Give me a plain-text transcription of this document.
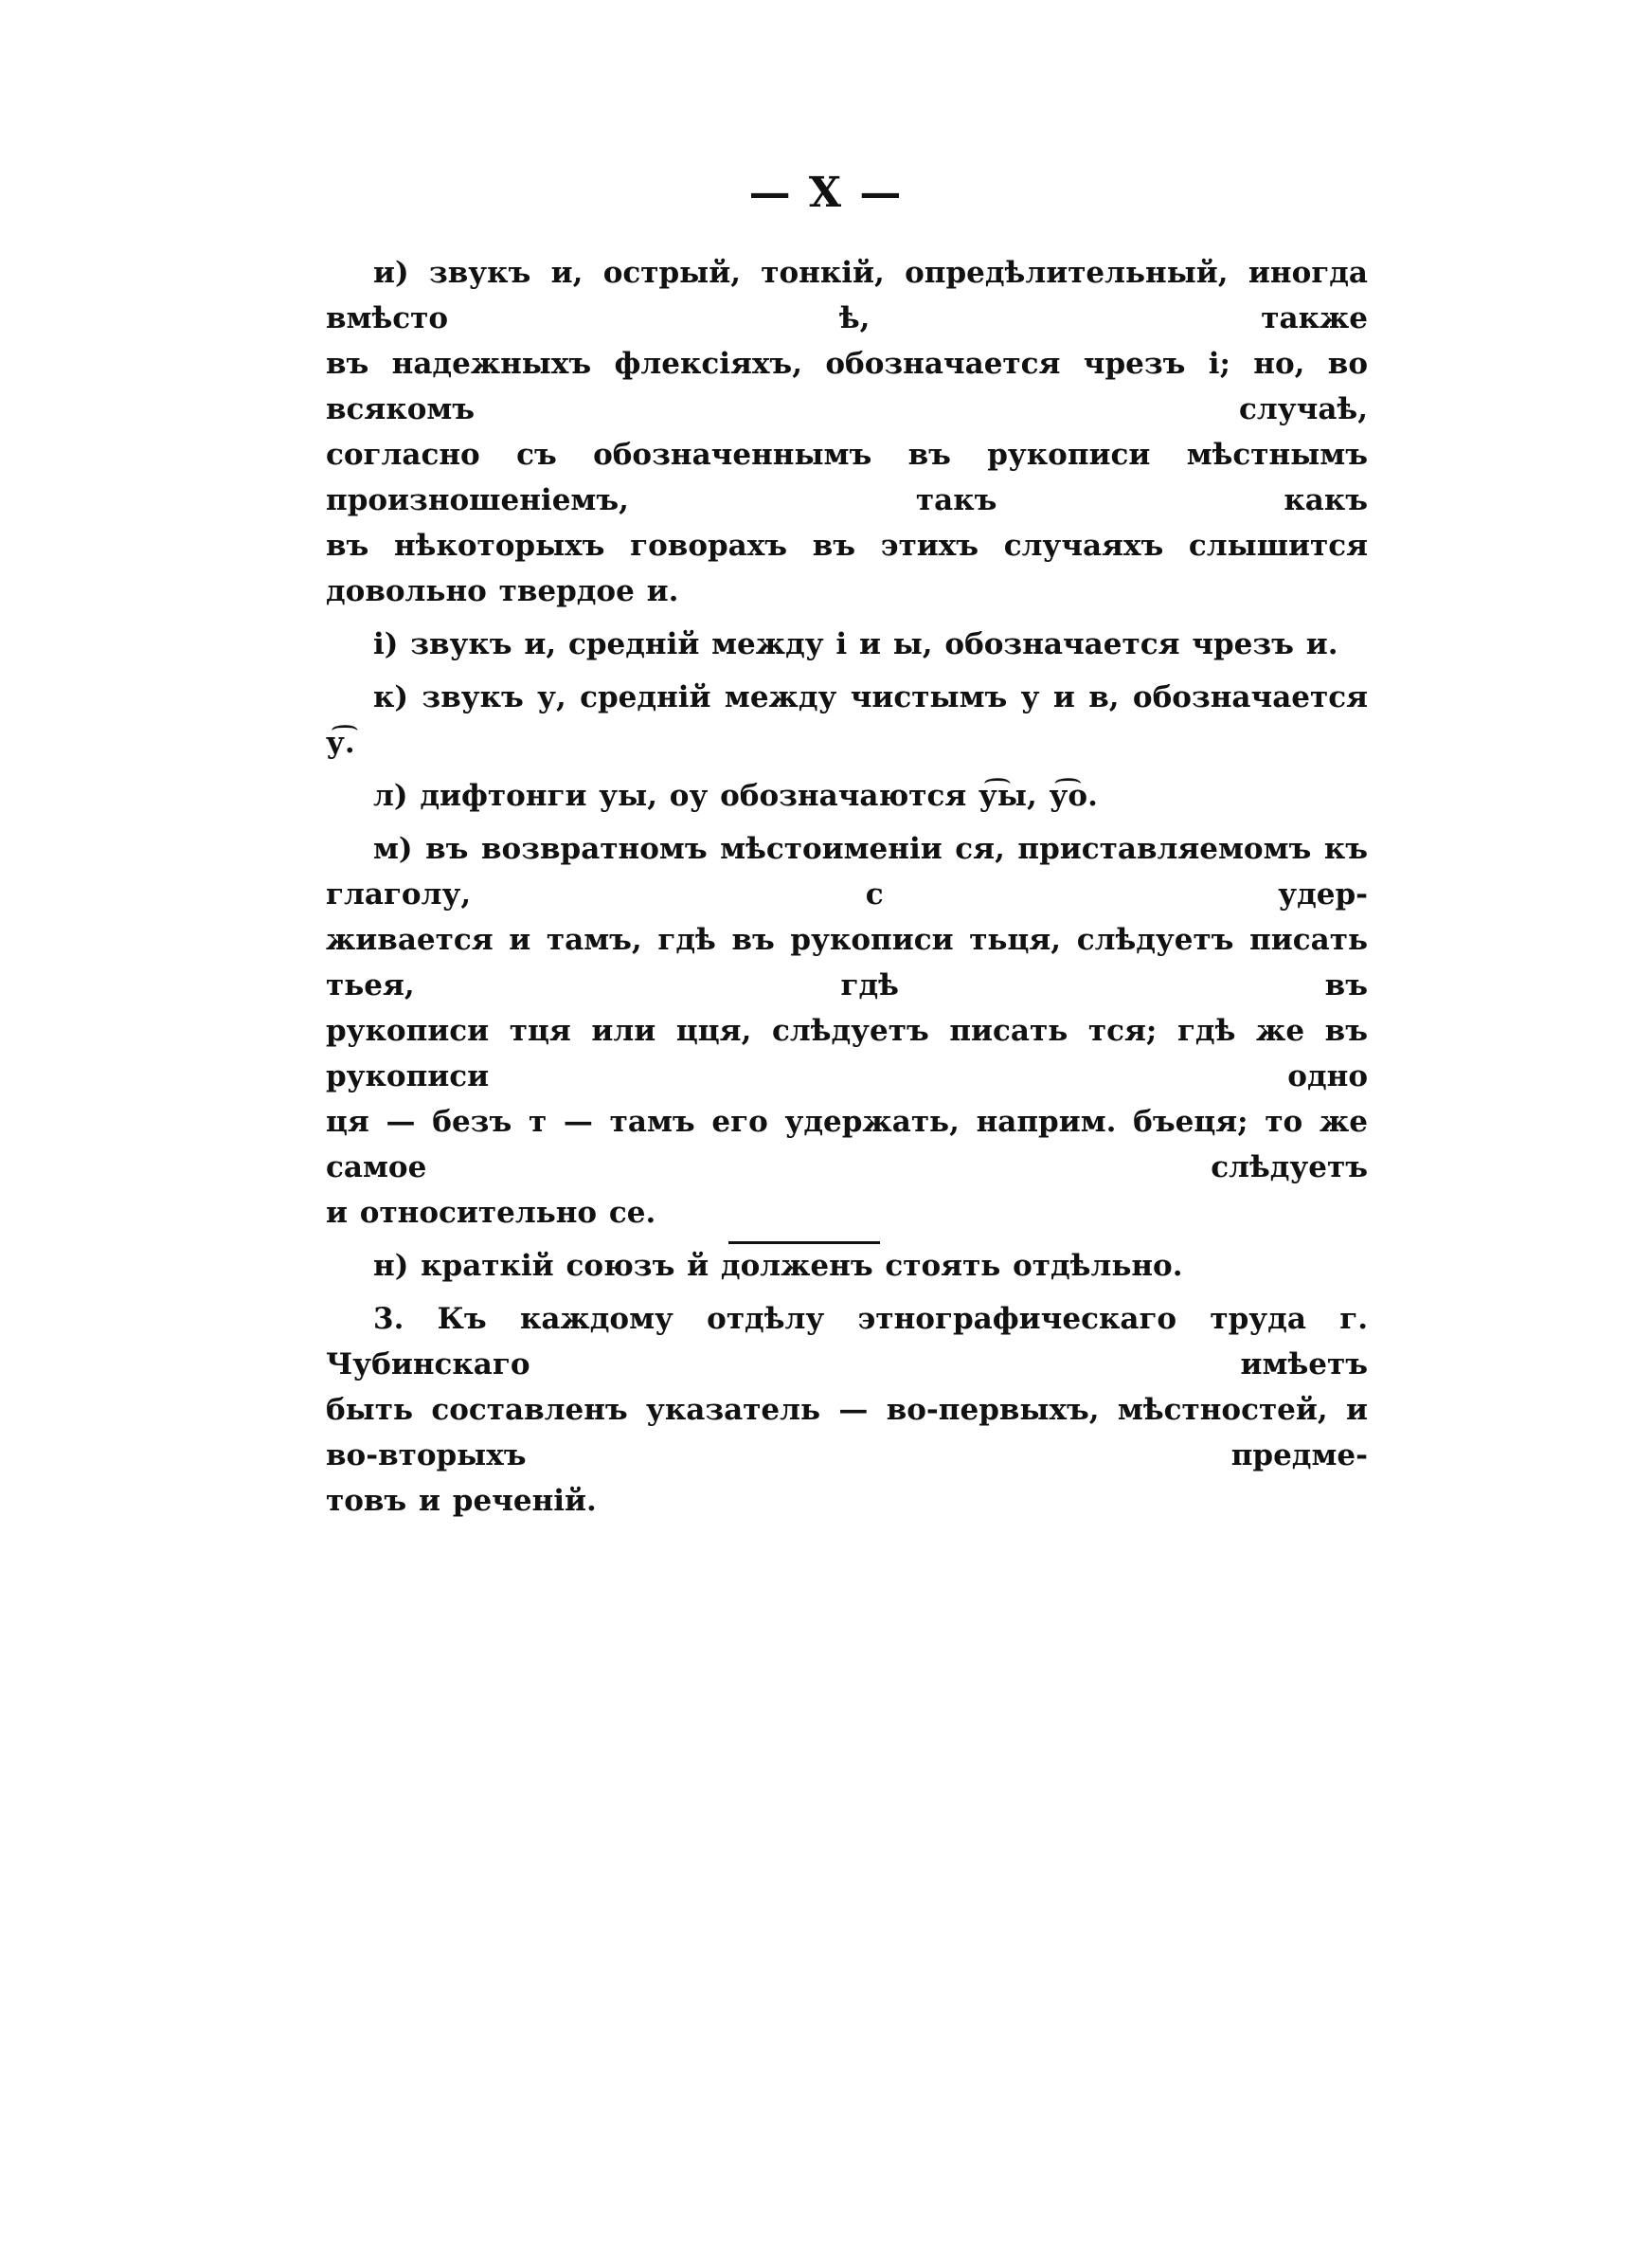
— X —

и) звукъ и, острый, тонкій, опредѣлительный, иногда вмѣсто ѣ, также
въ надежныхъ флексіяхъ, обозначается чрезъ і; но, во всякомъ случаѣ,
согласно съ обозначеннымъ въ рукописи мѣстнымъ произношеніемъ, такъ какъ
въ нѣкоторыхъ говорахъ въ этихъ случаяхъ слышится довольно твердое и.

і) звукъ и, средній между і и ы, обозначается чрезъ и.

к) звукъ у, средній между чистымъ у и в, обозначается у͡.

л) дифтонги уы, оу обозначаются у͡ы, у͡о.

м) въ возвратномъ мѣстоименіи ся, приставляемомъ къ глаголу, с удер-
живается и тамъ, гдѣ въ рукописи тьця, слѣдуетъ писать тьея, гдѣ въ
рукописи тця или цця, слѣдуетъ писать тся; гдѣ же въ рукописи одно
ця — безъ т — тамъ его удержать, наприм. бъеця; то же самое слѣдуетъ
и относительно се.

н) краткій союзъ й долженъ стоять отдѣльно.

3. Къ каждому отдѣлу этнографическаго труда г. Чубинскаго имѣетъ
быть составленъ указатель — во-первыхъ, мѣстностей, и во-вторыхъ предме-
товъ и реченій.
